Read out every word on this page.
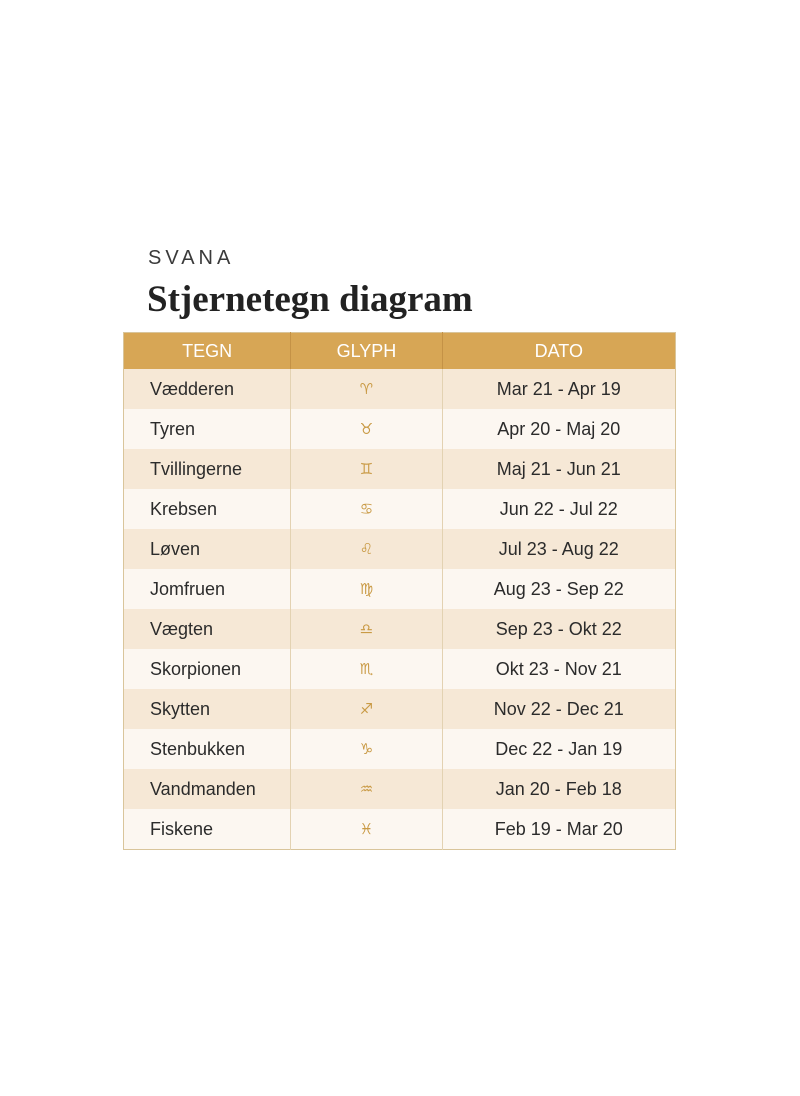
SVANA
Stjernetegn diagram
TEGN	GLYPH	DATO
Vædderen	♈	Mar 21 - Apr 19
Tyren	♉	Apr 20 - Maj 20
Tvillingerne	♊	Maj 21 - Jun 21
Krebsen	♋	Jun 22 - Jul 22
Løven	♌	Jul 23 - Aug 22
Jomfruen	♍	Aug 23 - Sep 22
Vægten	♎	Sep 23 - Okt 22
Skorpionen	♏	Okt 23 - Nov 21
Skytten	♐	Nov 22 - Dec 21
Stenbukken	♑	Dec 22 - Jan 19
Vandmanden	♒	Jan 20 - Feb 18
Fiskene	♓	Feb 19 - Mar 20
